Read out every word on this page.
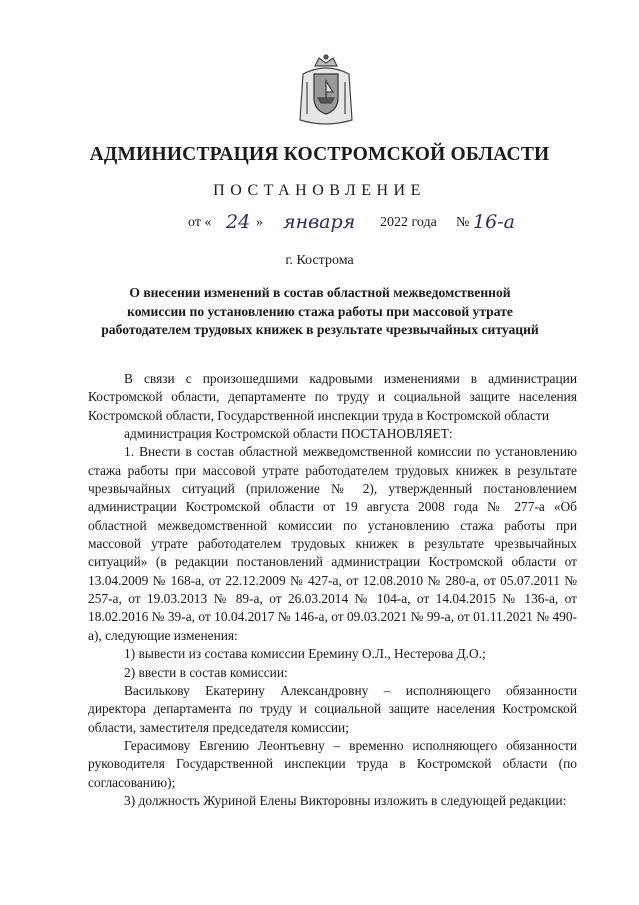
АДМИНИСТРАЦИЯ КОСТРОМСКОЙ ОБЛАСТИ
ПОСТАНОВЛЕНИЕ
от « 24 » января 2022 года № 16-а
г. Кострома
О внесении изменений в состав областной межведомственной комиссии по установлению стажа работы при массовой утрате работодателем трудовых книжек в результате чрезвычайных ситуаций

В связи с произошедшими кадровыми изменениями в администрации Костромской области, департаменте по труду и социальной защите населения Костромской области, Государственной инспекции труда в Костромской области

администрация Костромской области ПОСТАНОВЛЯЕТ:

1. Внести в состав областной межведомственной комиссии по установлению стажа работы при массовой утрате работодателем трудовых книжек в результате чрезвычайных ситуаций (приложение № 2), утвержденный постановлением администрации Костромской области от 19 августа 2008 года № 277-а «Об областной межведомственной комиссии по установлению стажа работы при массовой утрате работодателем трудовых книжек в результате чрезвычайных ситуаций» (в редакции постановлений администрации Костромской области от 13.04.2009 № 168-а, от 22.12.2009 № 427-а, от 12.08.2010 № 280-а, от 05.07.2011 № 257-а, от 19.03.2013 № 89-а, от 26.03.2014 № 104-а, от 14.04.2015 № 136-а, от 18.02.2016 № 39-а, от 10.04.2017 № 146-а, от 09.03.2021 № 99-а, от 01.11.2021 № 490-а), следующие изменения:

1) вывести из состава комиссии Еремину О.Л., Нестерова Д.О.;

2) ввести в состав комиссии:

Василькову Екатерину Александровну – исполняющего обязанности директора департамента по труду и социальной защите населения Костромской области, заместителя председателя комиссии;

Герасимову Евгению Леонтьевну – временно исполняющего обязанности руководителя Государственной инспекции труда в Костромской области (по согласованию);

3) должность Журиной Елены Викторовны изложить в следующей редакции:
